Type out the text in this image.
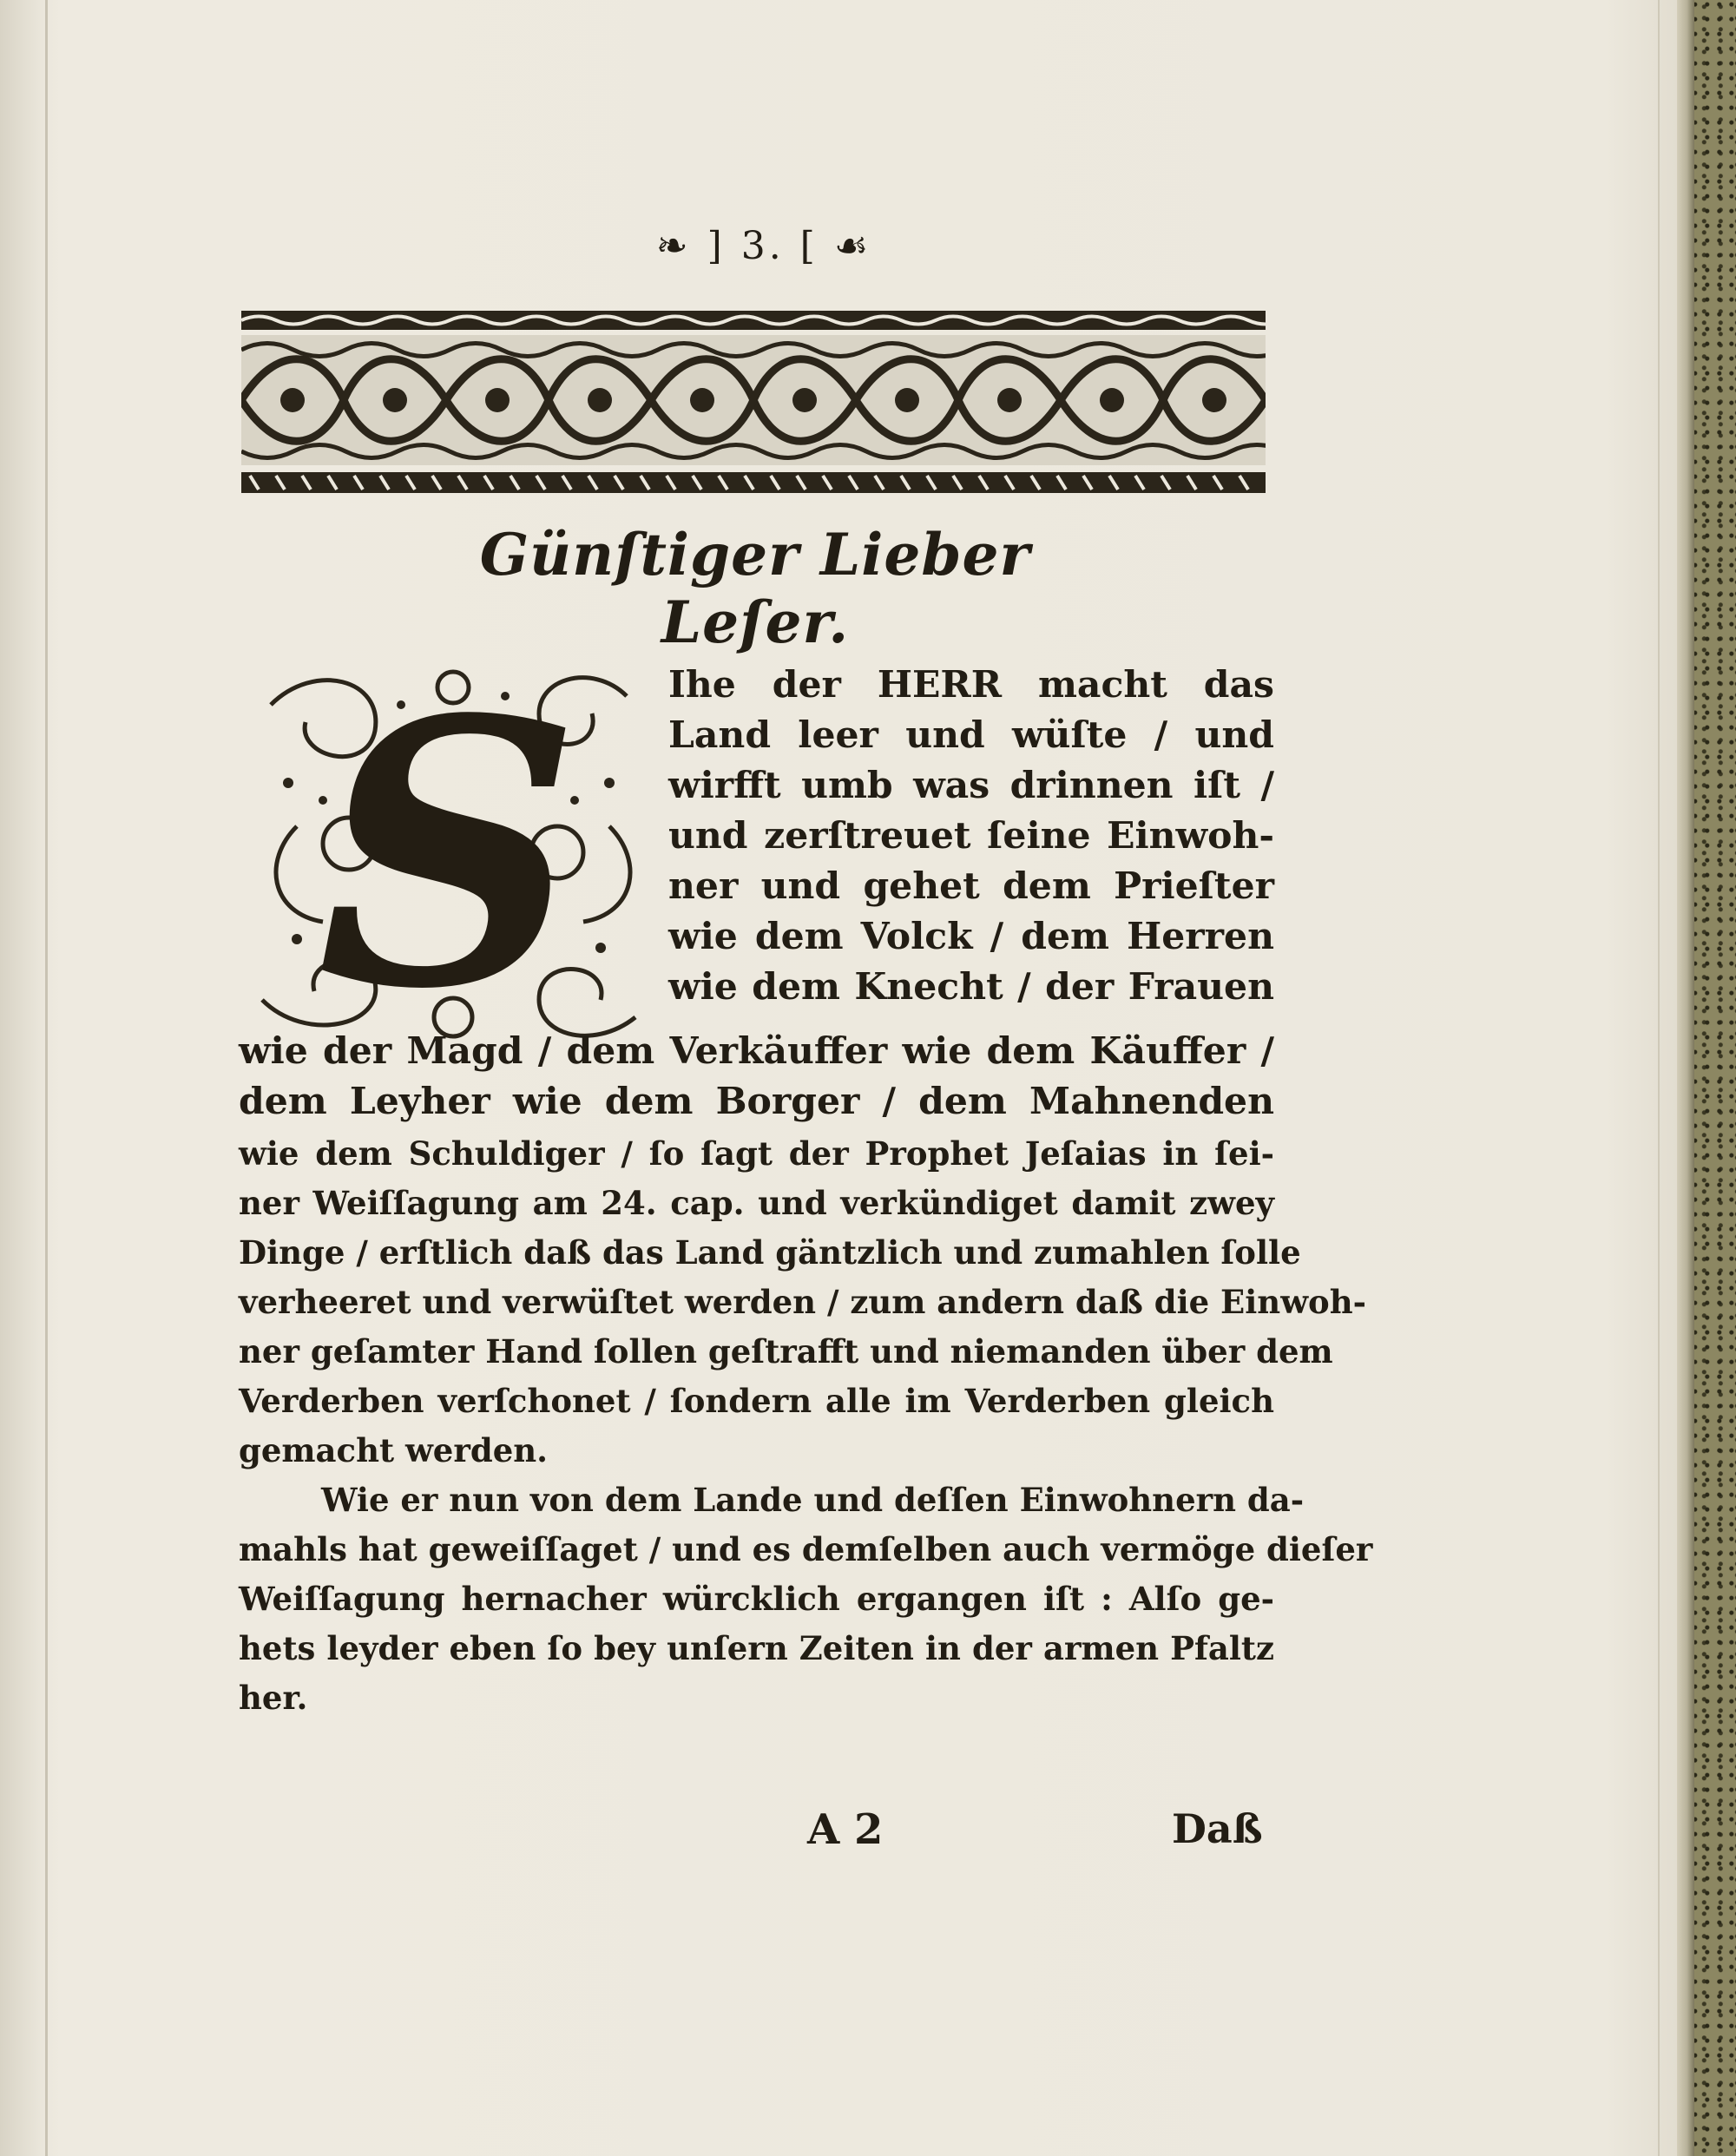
❧ ] 3. [ ☙
Günſtiger Lieber Leſer.
S Ihe der HERR macht das
Land leer und wüſte / und
wirfft umb was drinnen iſt /
und zerſtreuet ſeine Einwoh-
ner und gehet dem Prieſter
wie dem Volck / dem Herren
wie dem Knecht / der Frauen
wie der Magd / dem Verkäuffer wie dem Käuffer /
dem Leyher wie dem Borger / dem Mahnenden
wie dem Schuldiger / ſo ſagt der Prophet Jeſaias in ſei-
ner Weiſſagung am 24. cap. und verkündiget damit zwey
Dinge / erſtlich daß das Land gäntzlich und zumahlen ſolle
verheeret und verwüſtet werden / zum andern daß die Einwoh-
ner geſamter Hand ſollen geſtrafft und niemanden über dem
Verderben verſchonet / ſondern alle im Verderben gleich
gemacht werden.
Wie er nun von dem Lande und deſſen Einwohnern da-
mahls hat geweiſſaget / und es demſelben auch vermöge dieſer
Weiſſagung hernacher würcklich ergangen iſt : Alſo ge-
hets leyder eben ſo bey unſern Zeiten in der armen Pfaltz
her.
A 2	Daß
